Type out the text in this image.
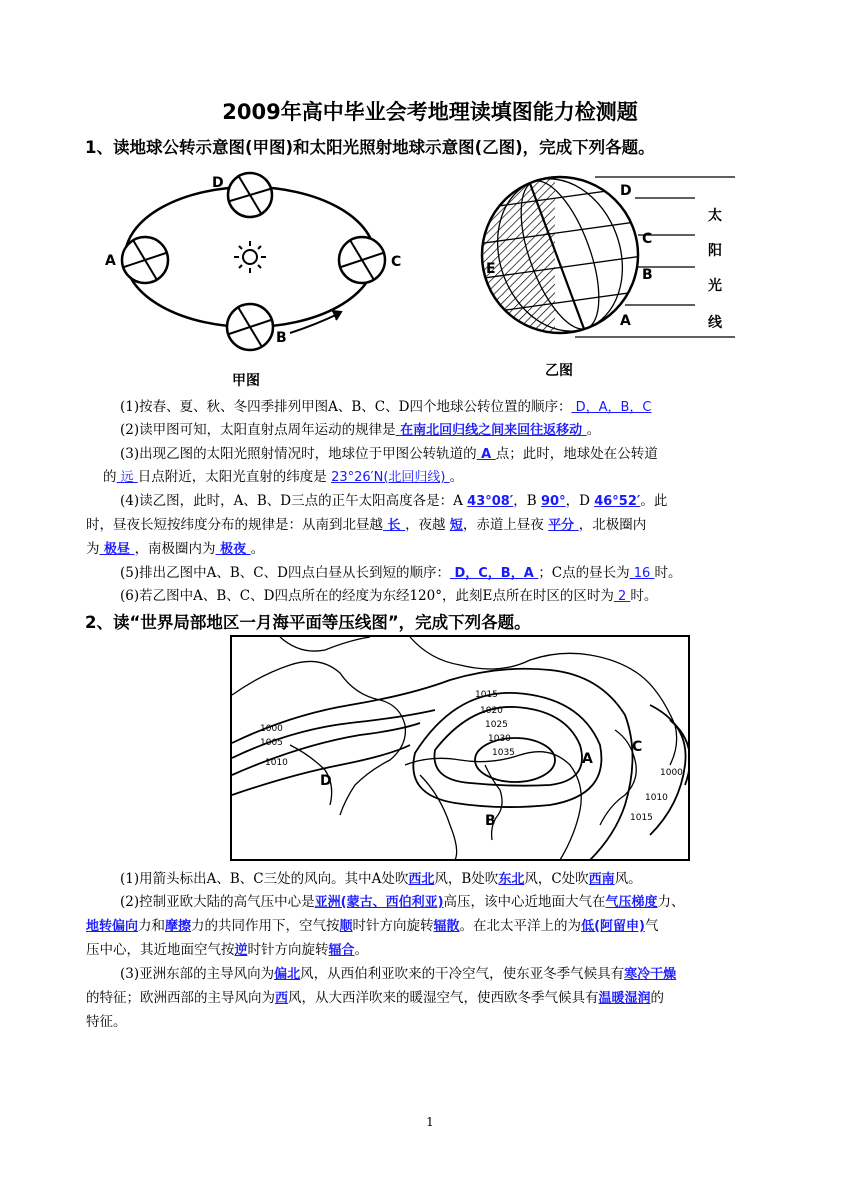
2009年高中毕业会考地理读填图能力检测题
1、读地球公转示意图(甲图)和太阳光照射地球示意图(乙图)，完成下列各题。
D
A	C
B
甲图
D
C
B
A
E
太
阳
光
线
乙图
(1)按春、夏、秋、冬四季排列甲图A、B、C、D四个地球公转位置的顺序： D，A，B，C
(2)读甲图可知，太阳直射点周年运动的规律是 在南北回归线之间来回往返移动 。
(3)出现乙图的太阳光照射情况时，地球位于甲图公转轨道的 A 点；此时，地球处在公转道
的 远 日点附近，太阳光直射的纬度是 23°26′N(北回归线) 。
(4)读乙图，此时，A、B、D三点的正午太阳高度各是：A 43°08′，B 90°，D 46°52′。此
时，昼夜长短按纬度分布的规律是：从南到北昼越 长 ，夜越 短，赤道上昼夜 平分 ，北极圈内
为 极昼 ，南极圈内为 极夜 。
(5)排出乙图中A、B、C、D四点白昼从长到短的顺序： D，C，B，A ；C点的昼长为 16 时。
(6)若乙图中A、B、C、D四点所在的经度为东经120°，此刻E点所在时区的区时为 2 时。
2、读“世界局部地区一月海平面等压线图”，完成下列各题。
1000
1005
1010
1015
1020
1025
1030
1035
1000
1010
1015
A
B
C
D
(1)用箭头标出A、B、C三处的风向。其中A处吹西北风，B处吹东北风，C处吹西南风。
(2)控制亚欧大陆的高气压中心是亚洲(蒙古、西伯利亚)高压，该中心近地面大气在气压梯度力、
地转偏向力和摩擦力的共同作用下，空气按顺时针方向旋转辐散。在北太平洋上的为低(阿留申)气
压中心，其近地面空气按逆时针方向旋转辐合。
(3)亚洲东部的主导风向为偏北风，从西伯利亚吹来的干冷空气，使东亚冬季气候具有寒冷干燥
的特征；欧洲西部的主导风向为西风，从大西洋吹来的暖湿空气，使西欧冬季气候具有温暖湿润的
特征。
1
